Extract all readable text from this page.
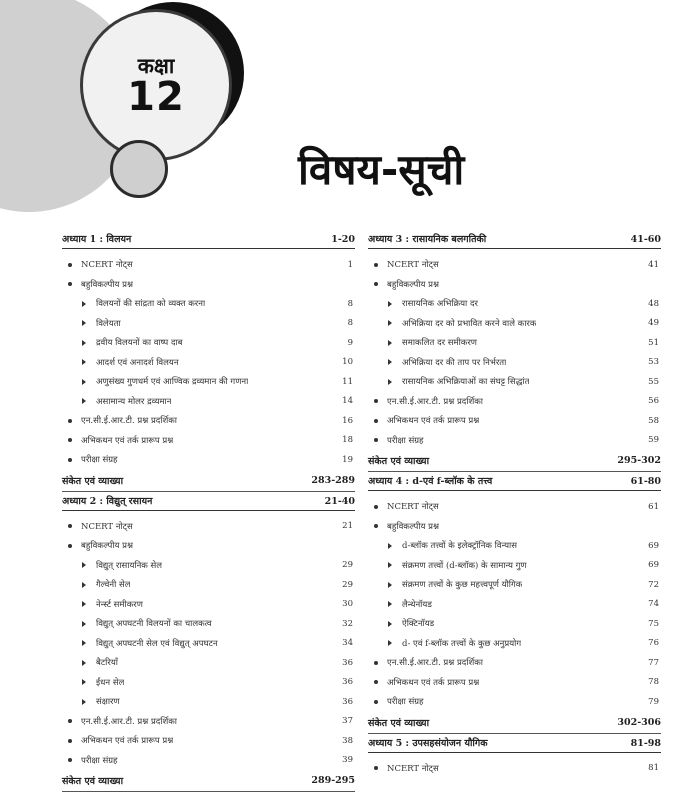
कक्षा
12
विषय-सूची
अध्याय 1 : विलयन	1-20
NCERT नोट्स	1
बहुविकल्पीय प्रश्न
विलयनों की सांद्रता को व्यक्त करना	8
विलेयता	8
द्रवीय विलयनों का वाष्प दाब	9
आदर्श एवं अनादर्श विलयन	10
अणुसंख्य गुणधर्म एवं आण्विक द्रव्यमान की गणना	11
असामान्य मोलर द्रव्यमान	14
एन.सी.ई.आर.टी. प्रश्न प्रदर्शिका	16
अभिकथन एवं तर्क प्रारूप प्रश्न	18
परीक्षा संग्रह	19
संकेत एवं व्याख्या	283-289
अध्याय 2 : विद्युत् रसायन	21-40
NCERT नोट्स	21
बहुविकल्पीय प्रश्न
विद्युत् रासायनिक सेल	29
गैल्वेनी सेल	29
नेर्न्स्ट समीकरण	30
विद्युत् अपघटनी विलयनों का चालकत्व	32
विद्युत् अपघटनी सेल एवं विद्युत् अपघटन	34
बैटरियाँ	36
ईंधन सेल	36
संक्षारण	36
एन.सी.ई.आर.टी. प्रश्न प्रदर्शिका	37
अभिकथन एवं तर्क प्रारूप प्रश्न	38
परीक्षा संग्रह	39
संकेत एवं व्याख्या	289-295
अध्याय 3 : रासायनिक बलगतिकी	41-60
NCERT नोट्स	41
बहुविकल्पीय प्रश्न
रासायनिक अभिक्रिया दर	48
अभिक्रिया दर को प्रभावित करने वाले कारक	49
समाकलित दर समीकरण	51
अभिक्रिया दर की ताप पर निर्भरता	53
रासायनिक अभिक्रियाओं का संघट्ट सिद्धांत	55
एन.सी.ई.आर.टी. प्रश्न प्रदर्शिका	56
अभिकथन एवं तर्क प्रारूप प्रश्न	58
परीक्षा संग्रह	59
संकेत एवं व्याख्या	295-302
अध्याय 4 : d-एवं f-ब्लॉक के तत्त्व	61-80
NCERT नोट्स	61
बहुविकल्पीय प्रश्न
d-ब्लॉक तत्त्वों के इलेक्ट्रॉनिक विन्यास	69
संक्रमण तत्त्वों (d-ब्लॉक) के सामान्य गुण	69
संक्रमण तत्त्वों के कुछ महत्त्वपूर्ण यौगिक	72
लैन्थेनॉयड	74
ऐक्टिनॉयड	75
d- एवं f-ब्लॉक तत्त्वों के कुछ अनुप्रयोग	76
एन.सी.ई.आर.टी. प्रश्न प्रदर्शिका	77
अभिकथन एवं तर्क प्रारूप प्रश्न	78
परीक्षा संग्रह	79
संकेत एवं व्याख्या	302-306
अध्याय 5 : उपसहसंयोजन यौगिक	81-98
NCERT नोट्स	81
